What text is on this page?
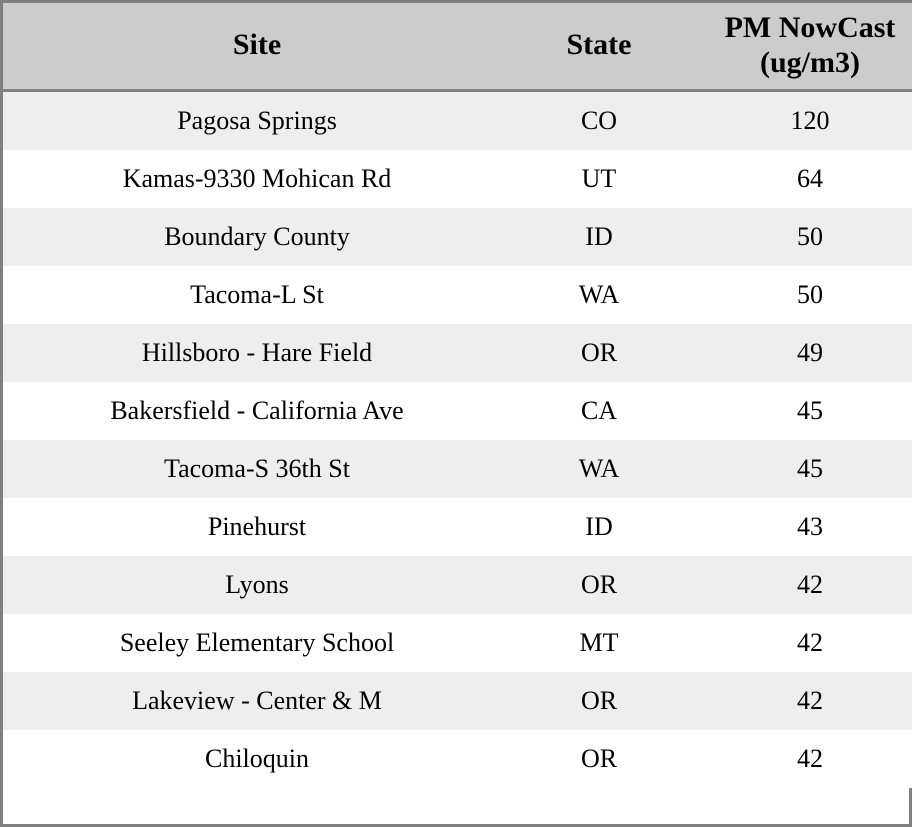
Site	State	PM NowCast (ug/m3)
Pagosa Springs	CO	120
Kamas-9330 Mohican Rd	UT	64
Boundary County	ID	50
Tacoma-L St	WA	50
Hillsboro - Hare Field	OR	49
Bakersfield - California Ave	CA	45
Tacoma-S 36th St	WA	45
Pinehurst	ID	43
Lyons	OR	42
Seeley Elementary School	MT	42
Lakeview - Center & M	OR	42
Chiloquin	OR	42
